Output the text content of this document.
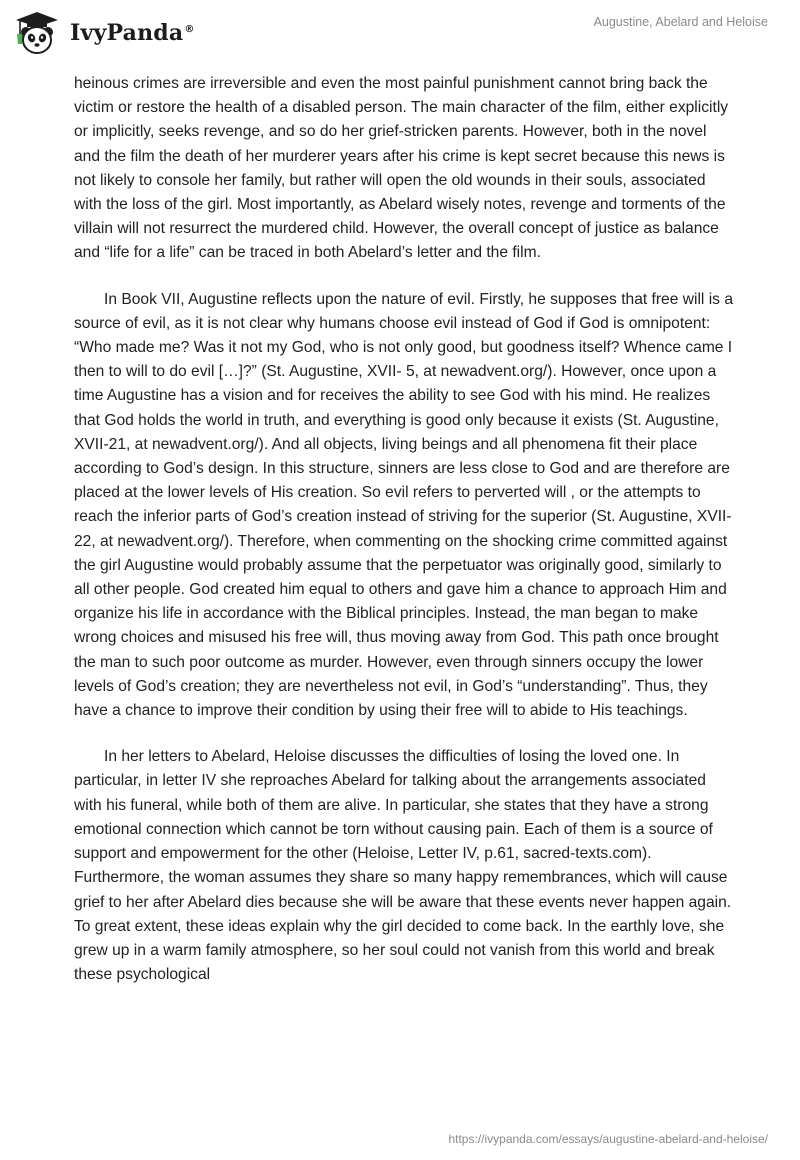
IvyPanda®
Augustine, Abelard and Heloise

heinous crimes are irreversible and even the most painful punishment cannot bring back the victim or restore the health of a disabled person. The main character of the film, either explicitly or implicitly, seeks revenge, and so do her grief-stricken parents. However, both in the novel and the film the death of her murderer years after his crime is kept secret because this news is not likely to console her family, but rather will open the old wounds in their souls, associated with the loss of the girl. Most importantly, as Abelard wisely notes, revenge and torments of the villain will not resurrect the murdered child. However, the overall concept of justice as balance and “life for a life” can be traced in both Abelard’s letter and the film.

In Book VII, Augustine reflects upon the nature of evil. Firstly, he supposes that free will is a source of evil, as it is not clear why humans choose evil instead of God if God is omnipotent: “Who made me? Was it not my God, who is not only good, but goodness itself? Whence came I then to will to do evil […]?” (St. Augustine, XVII- 5, at newadvent.org/). However, once upon a time Augustine has a vision and for receives the ability to see God with his mind. He realizes that God holds the world in truth, and everything is good only because it exists (St. Augustine, XVII-21, at newadvent.org/). And all objects, living beings and all phenomena fit their place according to God’s design. In this structure, sinners are less close to God and are therefore are placed at the lower levels of His creation. So evil refers to perverted will , or the attempts to reach the inferior parts of God’s creation instead of striving for the superior (St. Augustine, XVII-22, at newadvent.org/). Therefore, when commenting on the shocking crime committed against the girl Augustine would probably assume that the perpetuator was originally good, similarly to all other people. God created him equal to others and gave him a chance to approach Him and organize his life in accordance with the Biblical principles. Instead, the man began to make wrong choices and misused his free will, thus moving away from God. This path once brought the man to such poor outcome as murder. However, even through sinners occupy the lower levels of God’s creation; they are nevertheless not evil, in God’s “understanding”. Thus, they have a chance to improve their condition by using their free will to abide to His teachings.

In her letters to Abelard, Heloise discusses the difficulties of losing the loved one. In particular, in letter IV she reproaches Abelard for talking about the arrangements associated with his funeral, while both of them are alive. In particular, she states that they have a strong emotional connection which cannot be torn without causing pain. Each of them is a source of support and empowerment for the other (Heloise, Letter IV, p.61, sacred-texts.com). Furthermore, the woman assumes they share so many happy remembrances, which will cause grief to her after Abelard dies because she will be aware that these events never happen again. To great extent, these ideas explain why the girl decided to come back. In the earthly love, she grew up in a warm family atmosphere, so her soul could not vanish from this world and break these psychological

https://ivypanda.com/essays/augustine-abelard-and-heloise/
